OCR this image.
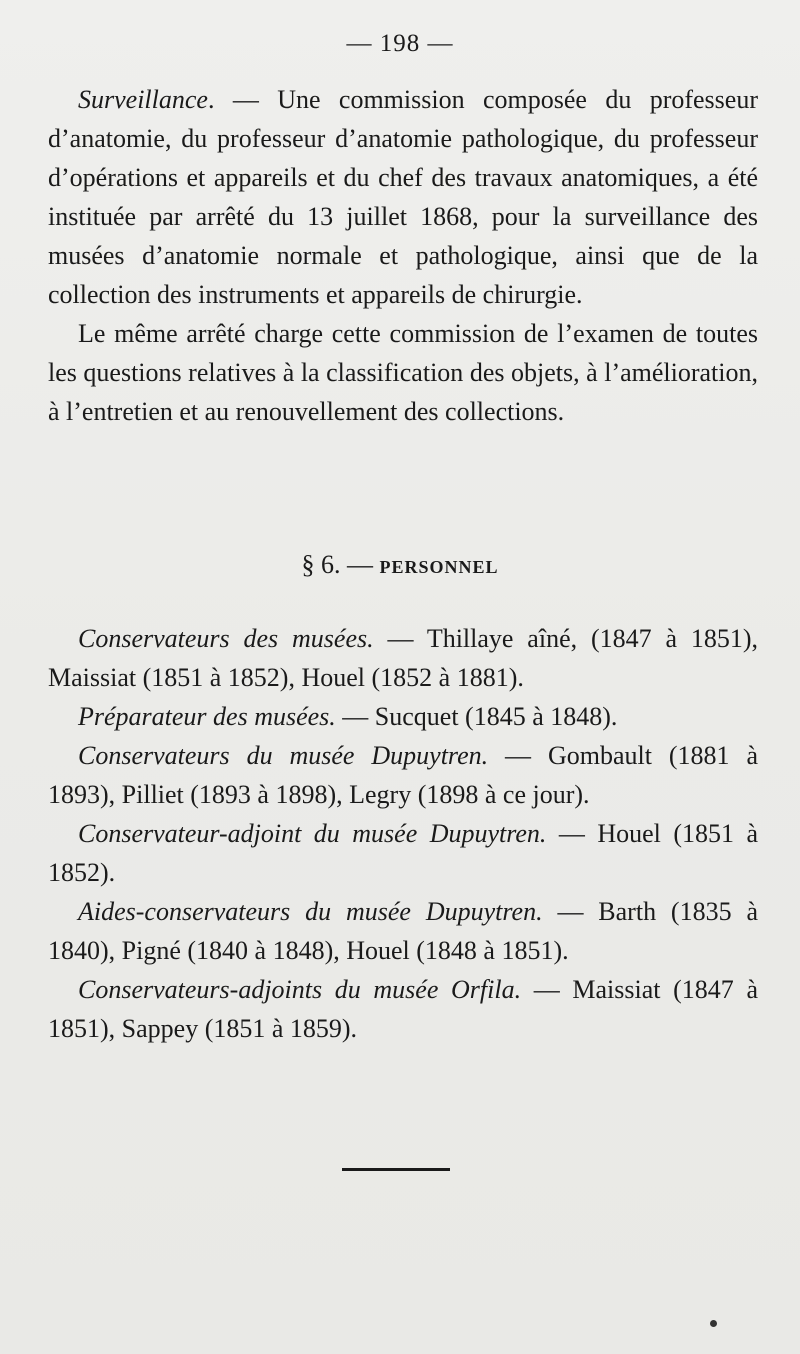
— 198 —

Surveillance. — Une commission composée du professeur d’anatomie, du professeur d’anatomie pathologique, du professeur d’opérations et appareils et du chef des travaux anatomiques, a été instituée par arrêté du 13 juillet 1868, pour la surveillance des musées d’anatomie normale et pathologique, ainsi que de la collection des instruments et appareils de chirurgie.

Le même arrêté charge cette commission de l’examen de toutes les questions relatives à la classification des objets, à l’amélioration, à l’entretien et au renouvellement des collections.

§ 6. — PERSONNEL

Conservateurs des musées. — Thillaye aîné, (1847 à 1851), Maissiat (1851 à 1852), Houel (1852 à 1881).

Préparateur des musées. — Sucquet (1845 à 1848).

Conservateurs du musée Dupuytren. — Gombault (1881 à 1893), Pilliet (1893 à 1898), Legry (1898 à ce jour).

Conservateur-adjoint du musée Dupuytren. — Houel (1851 à 1852).

Aides-conservateurs du musée Dupuytren. — Barth (1835 à 1840), Pigné (1840 à 1848), Houel (1848 à 1851).

Conservateurs-adjoints du musée Orfila. — Maissiat (1847 à 1851), Sappey (1851 à 1859).
